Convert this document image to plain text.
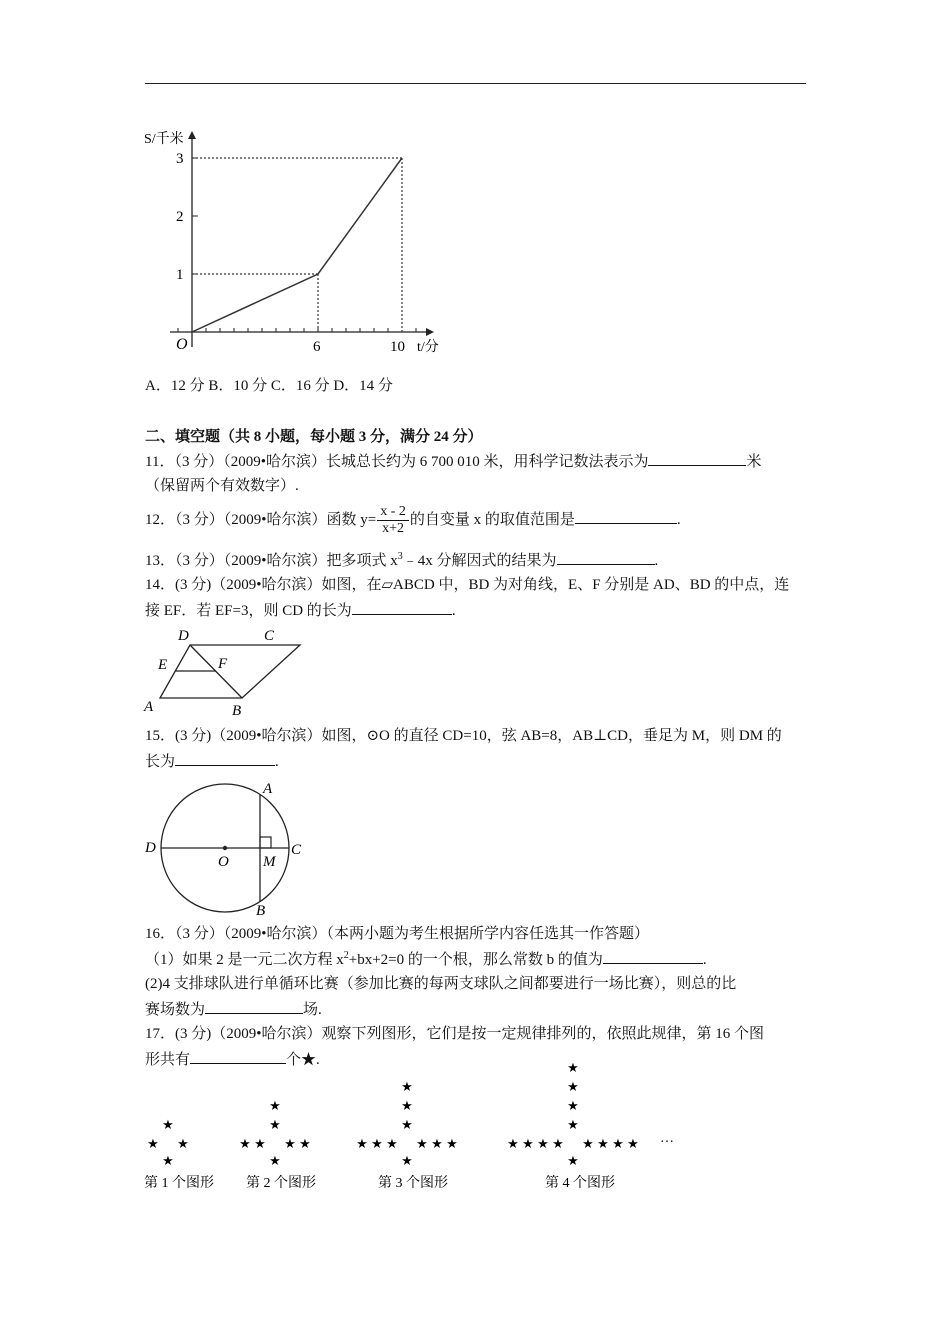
S/千米
1
2
3
O	6	10 t/分
A．12 分 B．10 分 C．16 分 D．14 分
二、填空题（共 8 小题，每小题 3 分，满分 24 分）
11．（3 分）（2009•哈尔滨）长城总长约为 6 700 010 米，用科学记数法表示为	米
（保留两个有效数字）.
12．（3 分）（2009•哈尔滨）函数 $y= \frac{x - 2}{x+2}$ 的自变量 x 的取值范围是	.
13．（3 分）（2009•哈尔滨）把多项式 $x^3﹣4x$ 分解因式的结果为	.
14．(3 分)（2009•哈尔滨）如图，在▱ABCD 中，BD 为对角线，E、F 分别是 AD、BD 的中点，连
接 EF．若 EF=3，则 CD 的长为	.
D	C
E	F
A	B
15．(3 分)（2009•哈尔滨）如图，⊙O 的直径 CD=10，弦 AB=8，AB⊥CD，垂足为 M，则 DM 的
长为	.
A
D	C
O M
B
16．（3 分）（2009•哈尔滨）（本两小题为考生根据所学内容任选其一作答题）
（1）如果 2 是一元二次方程 $x^2+bx+2=0$ 的一个根，那么常数 b 的值为	.
(2)4 支排球队进行单循环比赛（参加比赛的每两支球队之间都要进行一场比赛），则总的比
赛场数为	场.
17．(3 分)（2009•哈尔滨）观察下列图形，它们是按一定规律排列的，依照此规律，第 16 个图
形共有	个★.
第 1 个图形 第 2 个图形	第 3 个图形	第 4 个图形
…
★ ★
★
★
★ ★
★
★	★
★
★
★ ★
★
★	★
★
★	★
★
★
★ ★
★
★	★
★
★	★
★
★	★
★
★
